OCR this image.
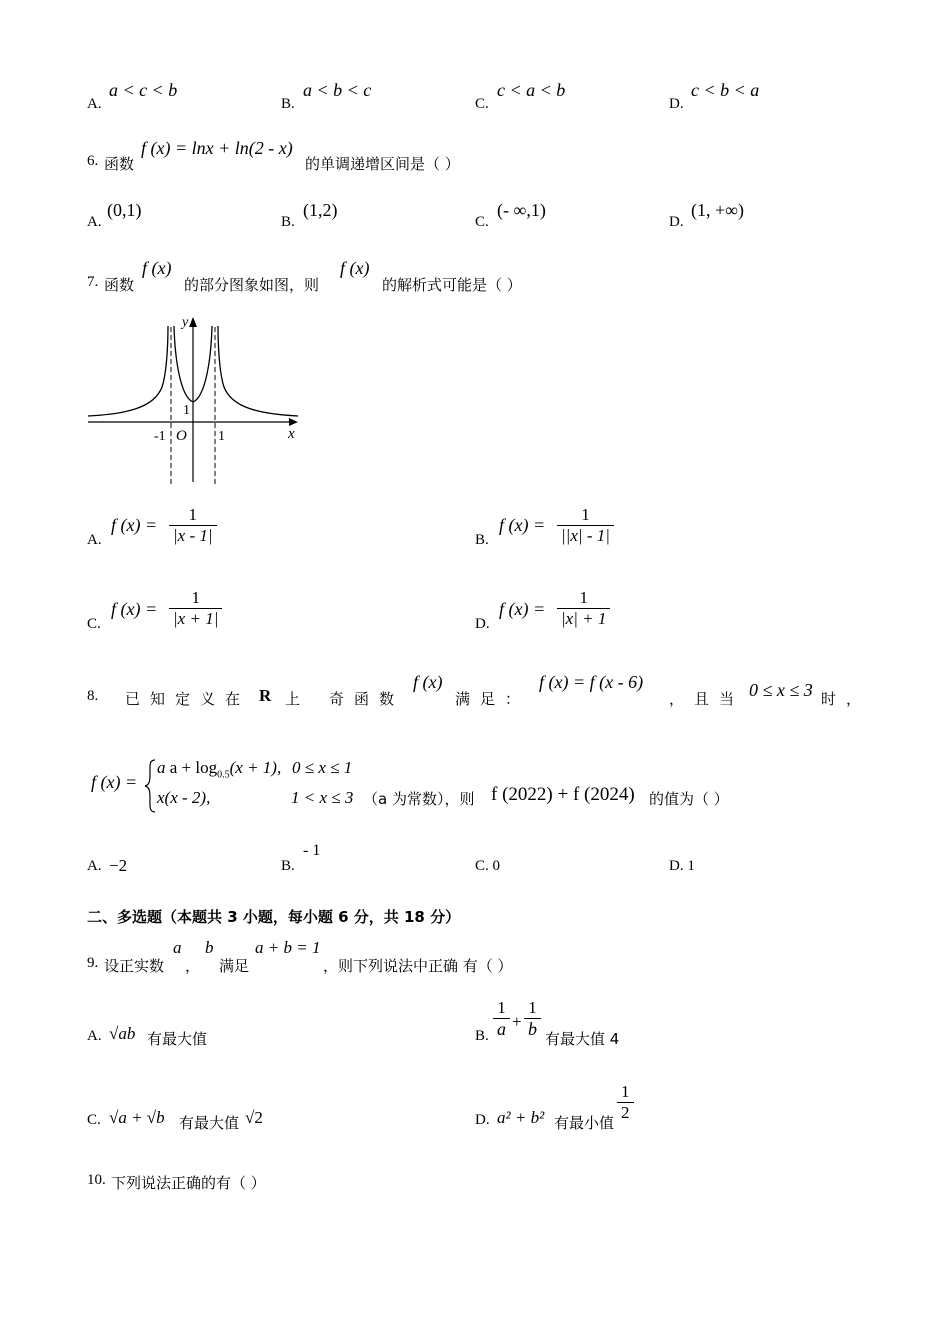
A.
a < c < b
B.
a < b < c
C.
c < a < b
D.
c < b < a
6. 函数
f (x) = lnx + ln(2 - x)
的单调递增区间是（ ）
A.
(0,1)
B.
(1,2)
C.
(- ∞,1)
D.
(1, +∞)
7. 函数
f (x)
的部分图象如图，则
f (x)
的解析式可能是（ ）
y
x
O
-1	1
1
A.
f $(x) = \frac{1}{|x - 1|}$	B.
f $(x) = \frac{1}{||x| - 1|}$
C.
f $(x) = \frac{1}{|x + 1|}$	D.
f $(x) = \frac{1}{|x| + 1}$
8. 已知定义在 R 上 奇函数
f (x)
满足：
f (x) = f (x - 6)
，且当 0 ≤ x ≤ 3 时，
f (x) =
a $a + \log_{0.5}(x + 1)$, 0 ≤ x ≤ 1
x(x - 2),	1 < x ≤ 3 （a 为常数），则 f (2022) + f (2024) 的值为（ ）
A. −2	B.
- 1
C. 0	D. 1
二、多选题（本题共 3 小题，每小题 6 分，共 18 分）
9. 设正实数
a
，
b
满足
a + b = 1
，则下列说法中正确 有（ ）
A. √ab 有最大值	B. $\frac{1}{a} + \frac{1}{b}$ 有最大值 4
C. √a + √b 有最大值 √2	D. a² + b² 有最小值 $\frac{1}{2}$
10. 下列说法正确的有（ ）
